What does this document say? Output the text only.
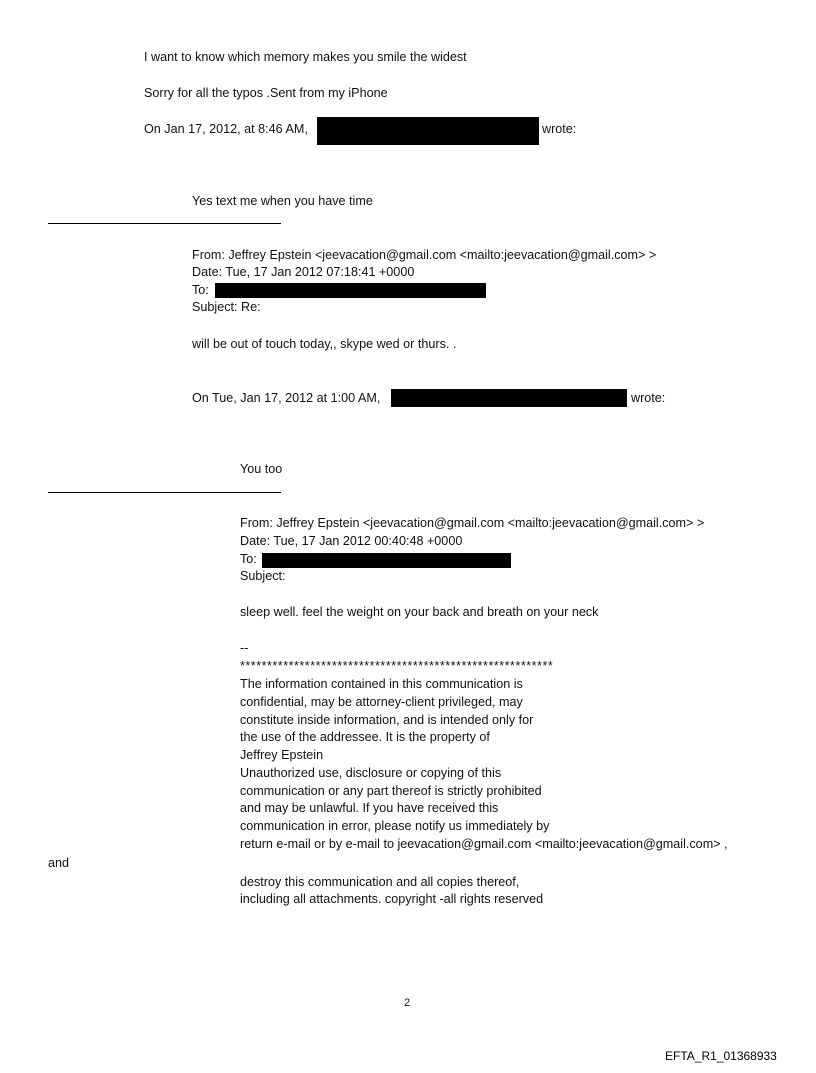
I want to know which memory makes you smile the widest
Sorry for all the typos .Sent from my iPhone
On Jan 17, 2012, at 8:46 AM,	wrote:
Yes text me when you have time
From: Jeffrey Epstein <jeevacation@gmail.com <mailto:jeevacation@gmail.com> >
Date: Tue, 17 Jan 2012 07:18:41 +0000
To:
Subject: Re:
will be out of touch today,, skype wed or thurs. .
On Tue, Jan 17, 2012 at 1:00 AM,	wrote:
You too
From: Jeffrey Epstein <jeevacation@gmail.com <mailto:jeevacation@gmail.com> >
Date: Tue, 17 Jan 2012 00:40:48 +0000
To:
Subject:
sleep well. feel the weight on your back and breath on your neck
--
**********************************************************
The information contained in this communication is
confidential, may be attorney-client privileged, may
constitute inside information, and is intended only for
the use of the addressee. It is the property of
Jeffrey Epstein
Unauthorized use, disclosure or copying of this
communication or any part thereof is strictly prohibited
and may be unlawful. If you have received this
communication in error, please notify us immediately by
return e-mail or by e-mail to jeevacation@gmail.com <mailto:jeevacation@gmail.com> ,
and
destroy this communication and all copies thereof,
including all attachments. copyright -all rights reserved
2
EFTA_R1_01368933
